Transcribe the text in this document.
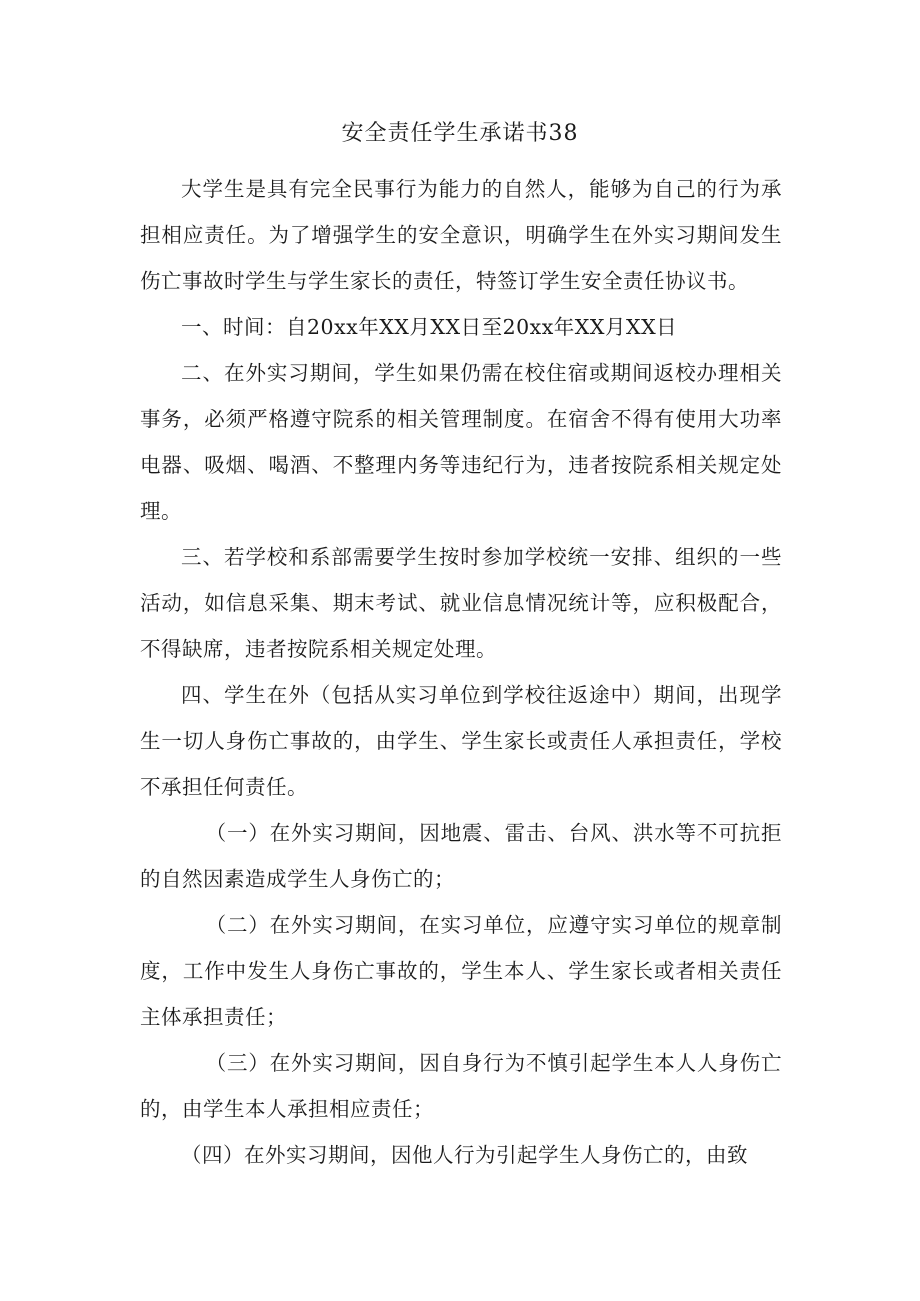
安全责任学生承诺书38

大学生是具有完全民事行为能力的自然人，能够为自己的行为承担相应责任。为了增强学生的安全意识，明确学生在外实习期间发生伤亡事故时学生与学生家长的责任，特签订学生安全责任协议书。

一、时间：自20xx年XX月XX日至20xx年XX月XX日

二、在外实习期间，学生如果仍需在校住宿或期间返校办理相关事务，必须严格遵守院系的相关管理制度。在宿舍不得有使用大功率电器、吸烟、喝酒、不整理内务等违纪行为，违者按院系相关规定处理。

三、若学校和系部需要学生按时参加学校统一安排、组织的一些活动，如信息采集、期末考试、就业信息情况统计等，应积极配合，不得缺席，违者按院系相关规定处理。

四、学生在外（包括从实习单位到学校往返途中）期间，出现学生一切人身伤亡事故的，由学生、学生家长或责任人承担责任，学校不承担任何责任。

（一）在外实习期间，因地震、雷击、台风、洪水等不可抗拒的自然因素造成学生人身伤亡的；

（二）在外实习期间，在实习单位，应遵守实习单位的规章制度，工作中发生人身伤亡事故的，学生本人、学生家长或者相关责任主体承担责任；

（三）在外实习期间，因自身行为不慎引起学生本人人身伤亡的，由学生本人承担相应责任；

（四）在外实习期间，因他人行为引起学生人身伤亡的，由致
